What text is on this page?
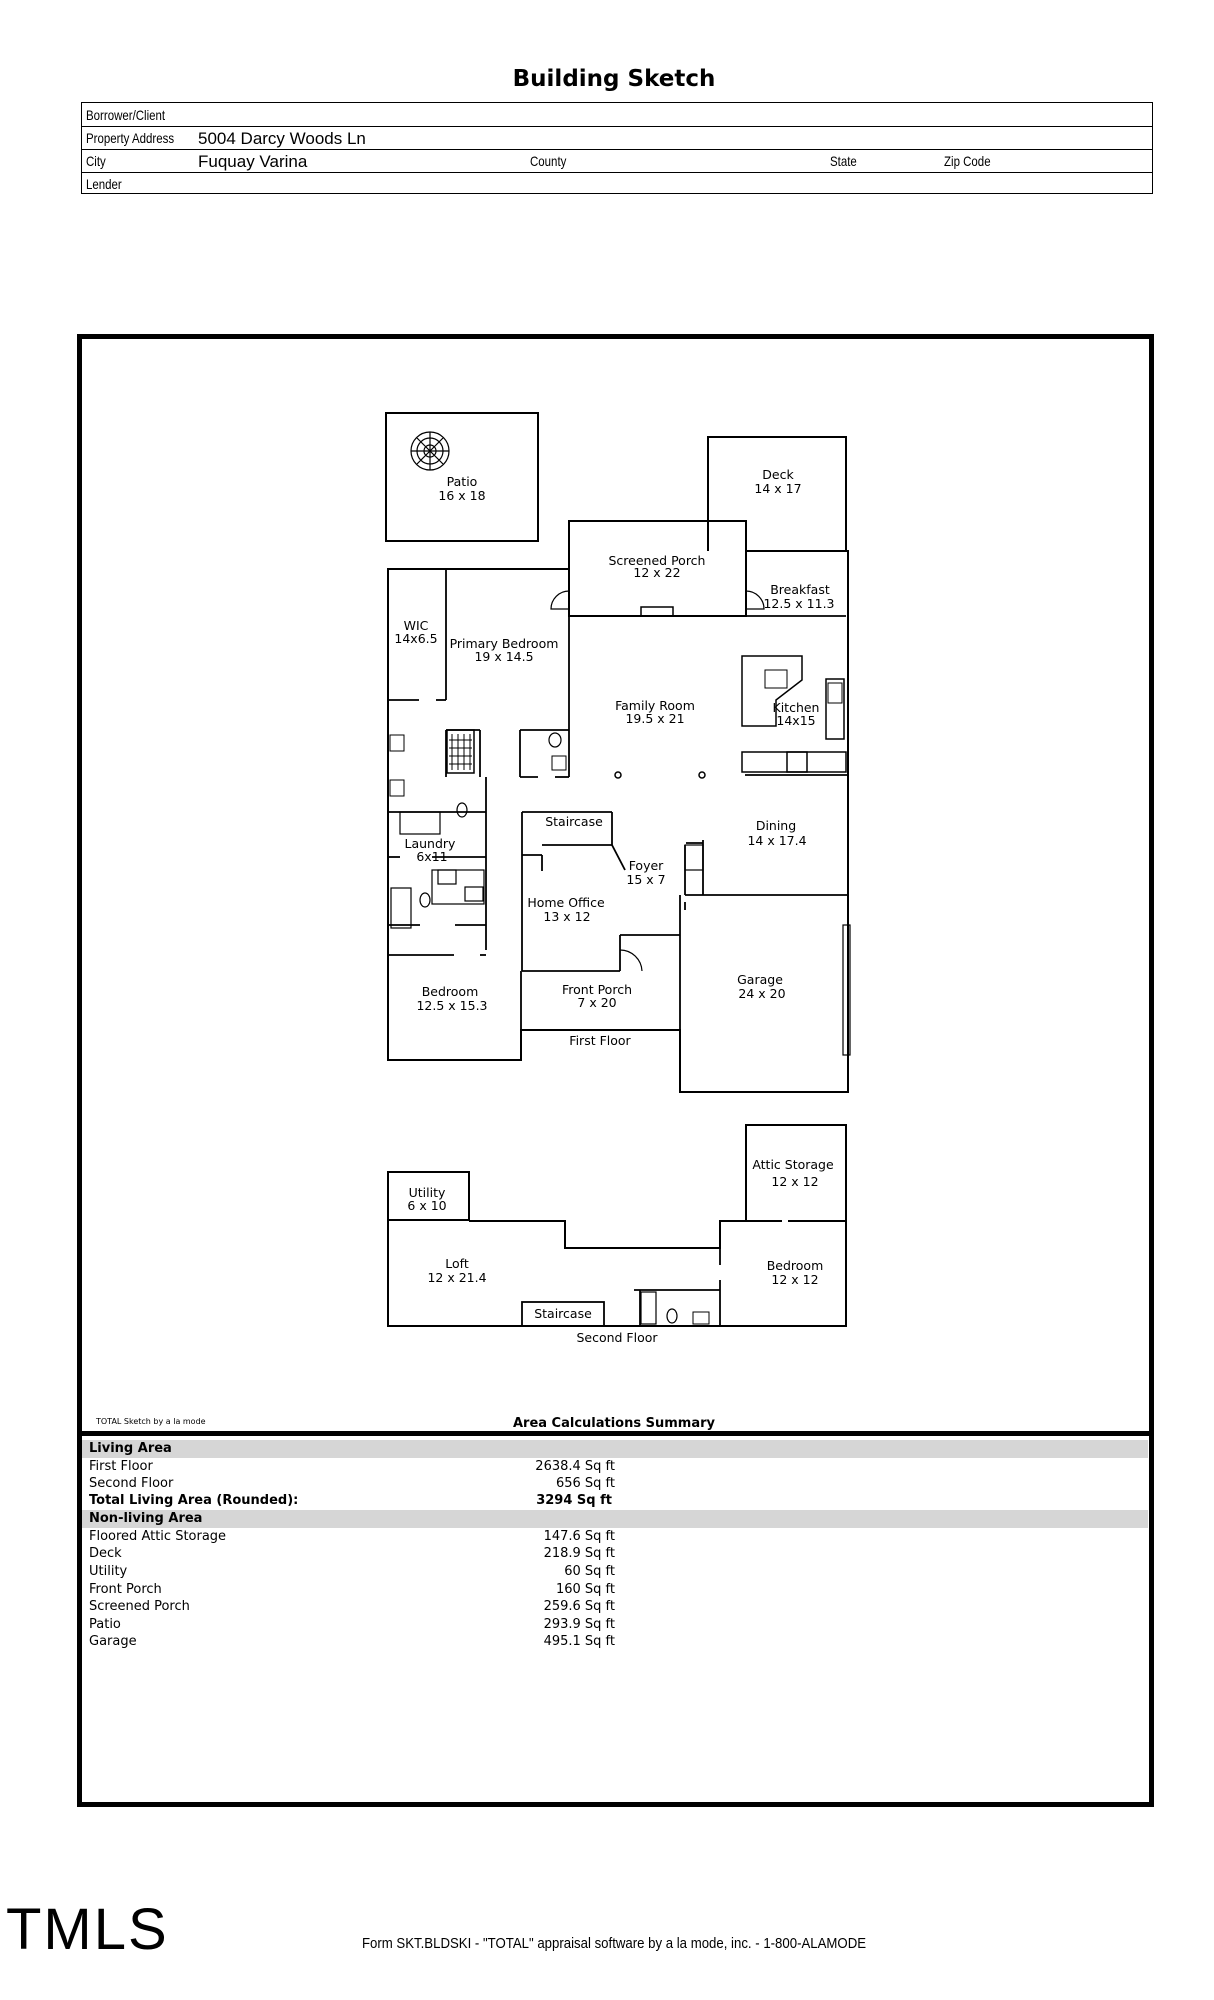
Building Sketch
Borrower/Client
Property Address 5004 Darcy Woods Ln
City	Fuquay Varina	County	State	Zip Code
Lender
Patio
16 x 18
Deck
14 x 17
Screened Porch
12 x 22
Breakfast
12.5 x 11.3
WIC
14x6.5 Primary Bedroom
19 x 14.5
Family Room
19.5 x 21
Kitchen
14x15
Staircase
Laundry
6x11
Dining
14 x 17.4
Foyer
15 x 7
Home Office
13 x 12
Garage
24 x 20
Bedroom
12.5 x 15.3
Front Porch
7 x 20
First Floor
Attic Storage
12 x 12
Utility
6 x 10
Loft
12 x 21.4
Bedroom
12 x 12
Staircase
Second Floor
TOTAL Sketch by a la mode	Area Calculations Summary
Living Area
First Floor	2638.4 Sq ft
Second Floor	656 Sq ft
Total Living Area (Rounded):	3294 Sq ft
Non-living Area
Floored Attic Storage	147.6 Sq ft
Deck	218.9 Sq ft
Utility	60 Sq ft
Front Porch	160 Sq ft
Screened Porch	259.6 Sq ft
Patio	293.9 Sq ft
Garage	495.1 Sq ft
TMLS	Form SKT.BLDSKI - "TOTAL" appraisal software by a la mode, inc. - 1-800-ALAMODE
